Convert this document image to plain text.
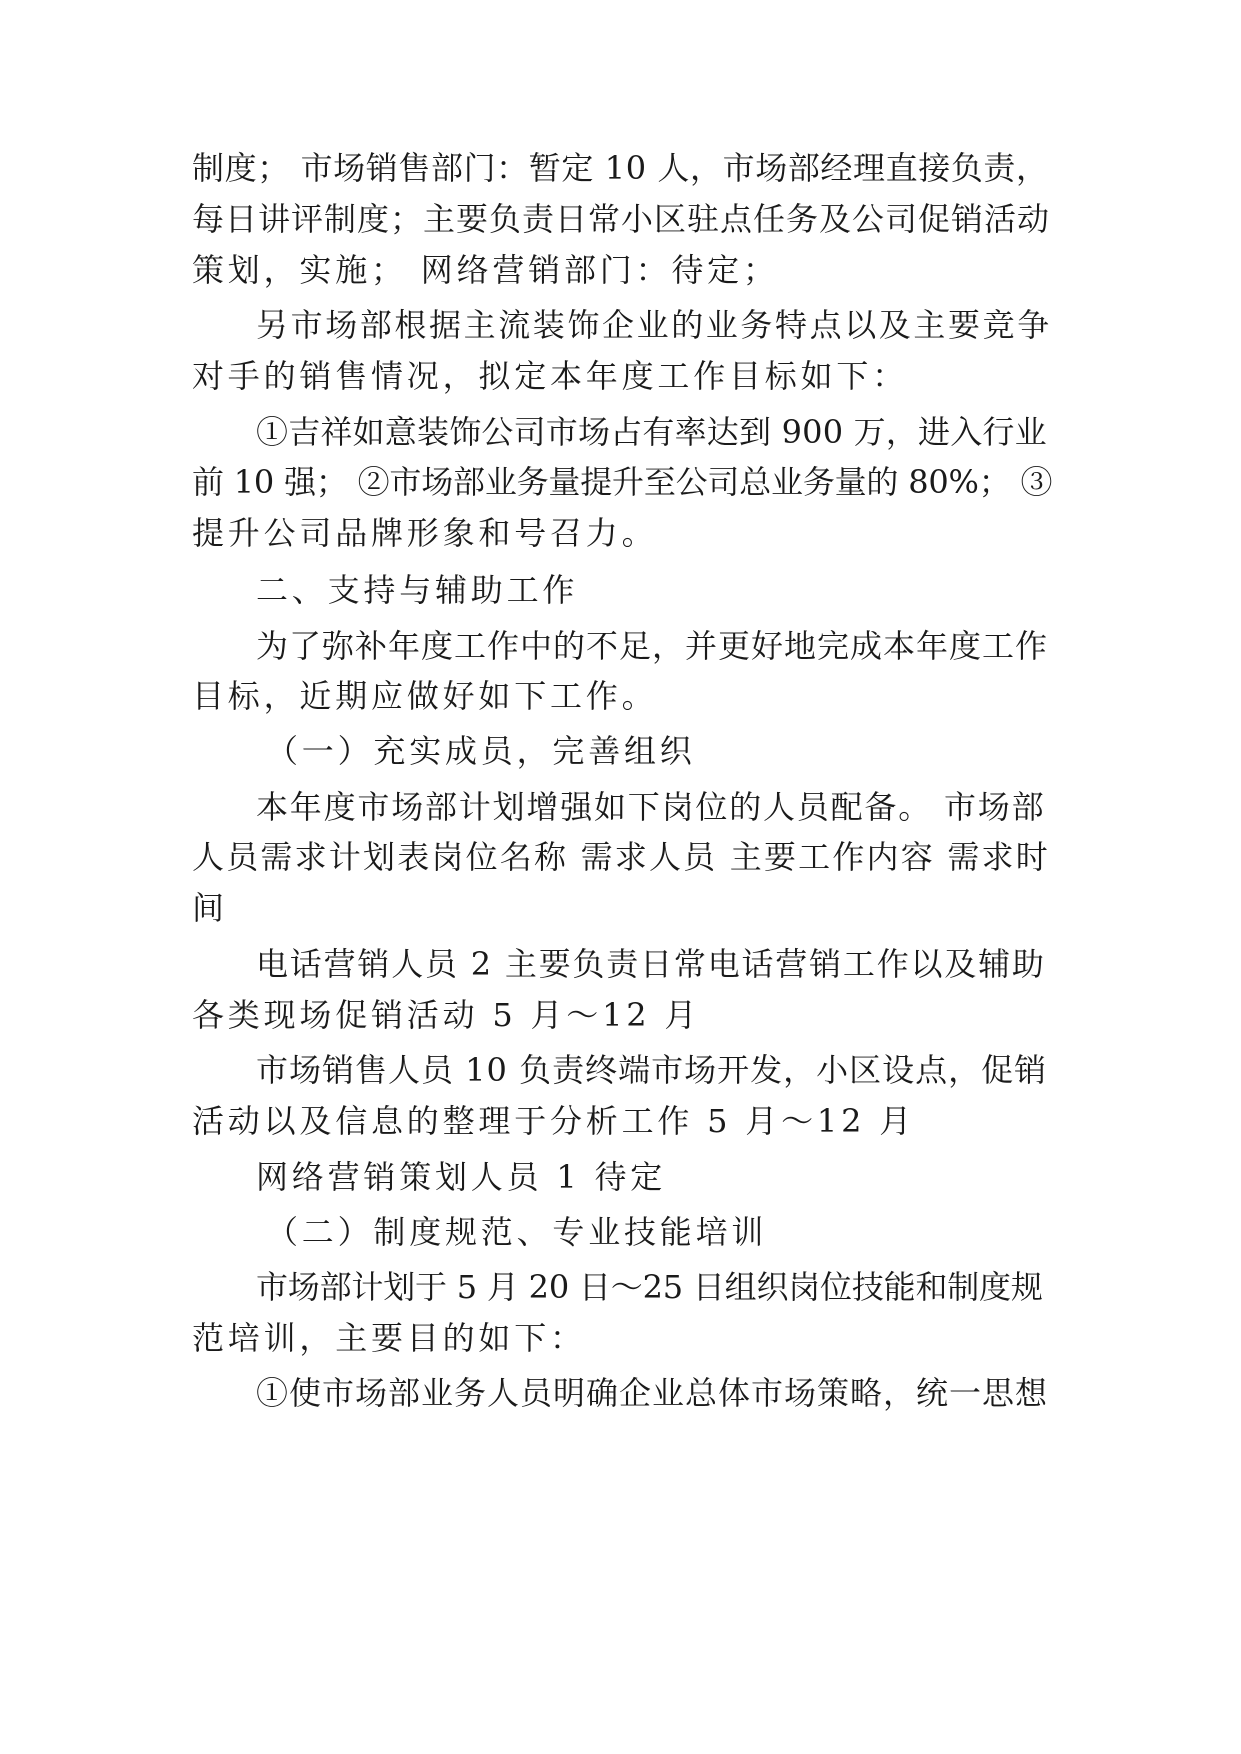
制度； 市场销售部门：暂定 10 人，市场部经理直接负责，
每日讲评制度；主要负责日常小区驻点任务及公司促销活动
策划，实施； 网络营销部门：待定；
另市场部根据主流装饰企业的业务特点以及主要竞争
对手的销售情况，拟定本年度工作目标如下：
①吉祥如意装饰公司市场占有率达到 900 万，进入行业
前 10 强； ②市场部业务量提升至公司总业务量的 80%； ③
提升公司品牌形象和号召力。
二、支持与辅助工作
为了弥补年度工作中的不足，并更好地完成本年度工作
目标，近期应做好如下工作。
（一）充实成员，完善组织
本年度市场部计划增强如下岗位的人员配备。 市场部
人员需求计划表岗位名称 需求人员 主要工作内容 需求时
间
电话营销人员 2 主要负责日常电话营销工作以及辅助
各类现场促销活动 5 月～12 月
市场销售人员 10 负责终端市场开发，小区设点，促销
活动以及信息的整理于分析工作 5 月～12 月
网络营销策划人员 1 待定
（二）制度规范、专业技能培训
市场部计划于 5 月 20 日～25 日组织岗位技能和制度规
范培训，主要目的如下：
①使市场部业务人员明确企业总体市场策略，统一思想
